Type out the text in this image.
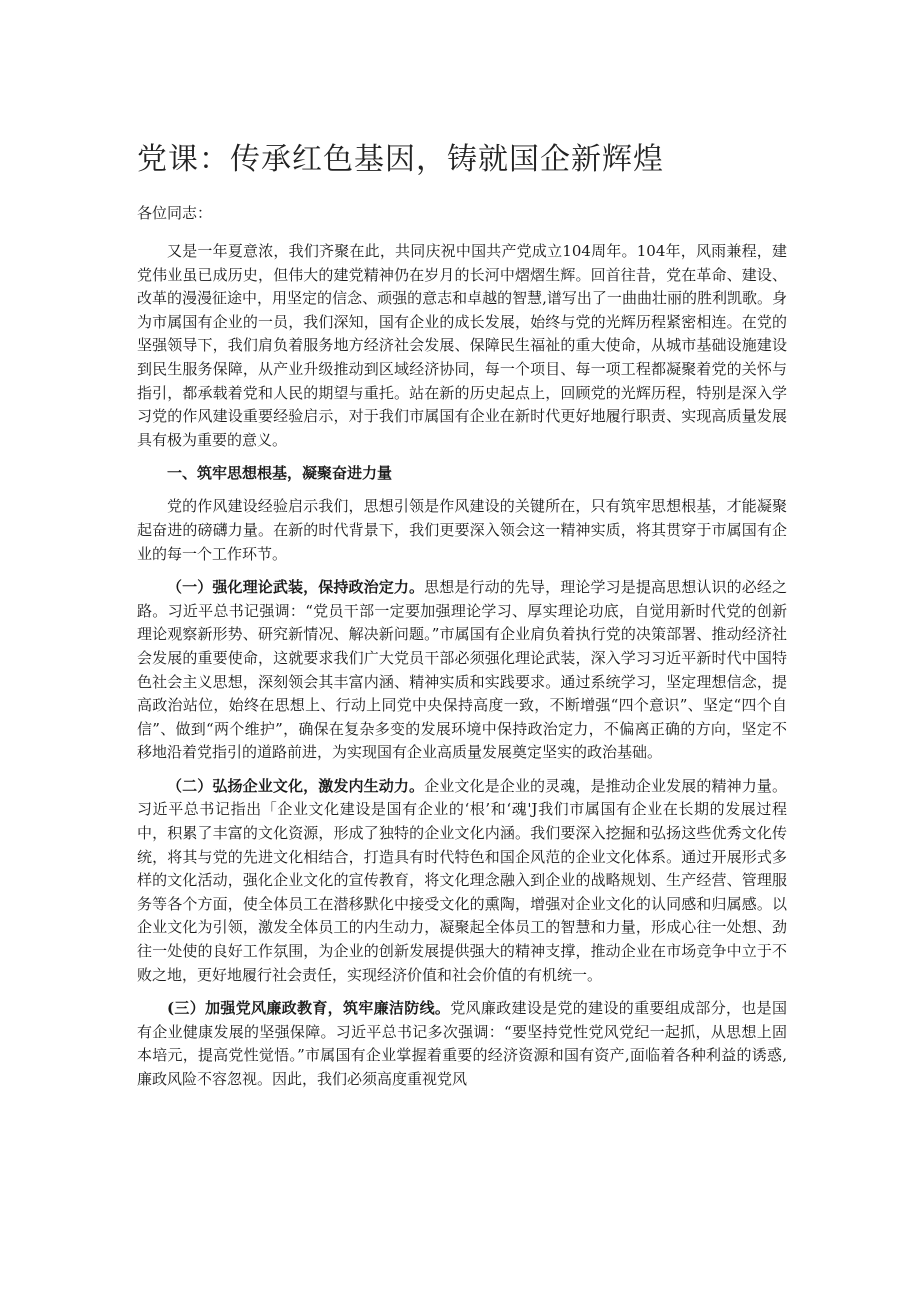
党课：传承红色基因，铸就国企新辉煌

各位同志：

又是一年夏意浓，我们齐聚在此，共同庆祝中国共产党成立104周年。104年，风雨兼程，建党伟业虽已成历史，但伟大的建党精神仍在岁月的长河中熠熠生辉。回首往昔，党在革命、建设、改革的漫漫征途中，用坚定的信念、顽强的意志和卓越的智慧,谱写出了一曲曲壮丽的胜利凯歌。身为市属国有企业的一员，我们深知，国有企业的成长发展，始终与党的光辉历程紧密相连。在党的坚强领导下，我们肩负着服务地方经济社会发展、保障民生福祉的重大使命，从城市基础设施建设到民生服务保障，从产业升级推动到区域经济协同，每一个项目、每一项工程都凝聚着党的关怀与指引，都承载着党和人民的期望与重托。站在新的历史起点上，回顾党的光辉历程，特别是深入学习党的作风建设重要经验启示，对于我们市属国有企业在新时代更好地履行职责、实现高质量发展具有极为重要的意义。

一、筑牢思想根基，凝聚奋进力量

党的作风建设经验启示我们，思想引领是作风建设的关键所在，只有筑牢思想根基，才能凝聚起奋进的磅礴力量。在新的时代背景下，我们更要深入领会这一精神实质，将其贯穿于市属国有企业的每一个工作环节。

（一）强化理论武装，保持政治定力。思想是行动的先导，理论学习是提高思想认识的必经之路。习近平总书记强调：“党员干部一定要加强理论学习、厚实理论功底，自觉用新时代党的创新理论观察新形势、研究新情况、解决新问题。”市属国有企业肩负着执行党的决策部署、推动经济社会发展的重要使命，这就要求我们广大党员干部必须强化理论武装，深入学习习近平新时代中国特色社会主义思想，深刻领会其丰富内涵、精神实质和实践要求。通过系统学习，坚定理想信念，提高政治站位，始终在思想上、行动上同党中央保持高度一致，不断增强“四个意识”、坚定“四个自信”、做到“两个维护”，确保在复杂多变的发展环境中保持政治定力，不偏离正确的方向，坚定不移地沿着党指引的道路前进，为实现国有企业高质量发展奠定坚实的政治基础。

（二）弘扬企业文化，激发内生动力。企业文化是企业的灵魂，是推动企业发展的精神力量。习近平总书记指出「企业文化建设是国有企业的‘根’和‘魂'J我们市属国有企业在长期的发展过程中，积累了丰富的文化资源，形成了独特的企业文化内涵。我们要深入挖掘和弘扬这些优秀文化传统，将其与党的先进文化相结合，打造具有时代特色和国企风范的企业文化体系。通过开展形式多样的文化活动，强化企业文化的宣传教育，将文化理念融入到企业的战略规划、生产经营、管理服务等各个方面，使全体员工在潜移默化中接受文化的熏陶，增强对企业文化的认同感和归属感。以企业文化为引领，激发全体员工的内生动力，凝聚起全体员工的智慧和力量，形成心往一处想、劲往一处使的良好工作氛围，为企业的创新发展提供强大的精神支撑，推动企业在市场竞争中立于不败之地，更好地履行社会责任，实现经济价值和社会价值的有机统一。

(三）加强党风廉政教育，筑牢廉洁防线。党风廉政建设是党的建设的重要组成部分，也是国有企业健康发展的坚强保障。习近平总书记多次强调：“要坚持党性党风党纪一起抓，从思想上固本培元，提高党性觉悟。”市属国有企业掌握着重要的经济资源和国有资产,面临着各种利益的诱惑,廉政风险不容忽视。因此，我们必须高度重视党风
